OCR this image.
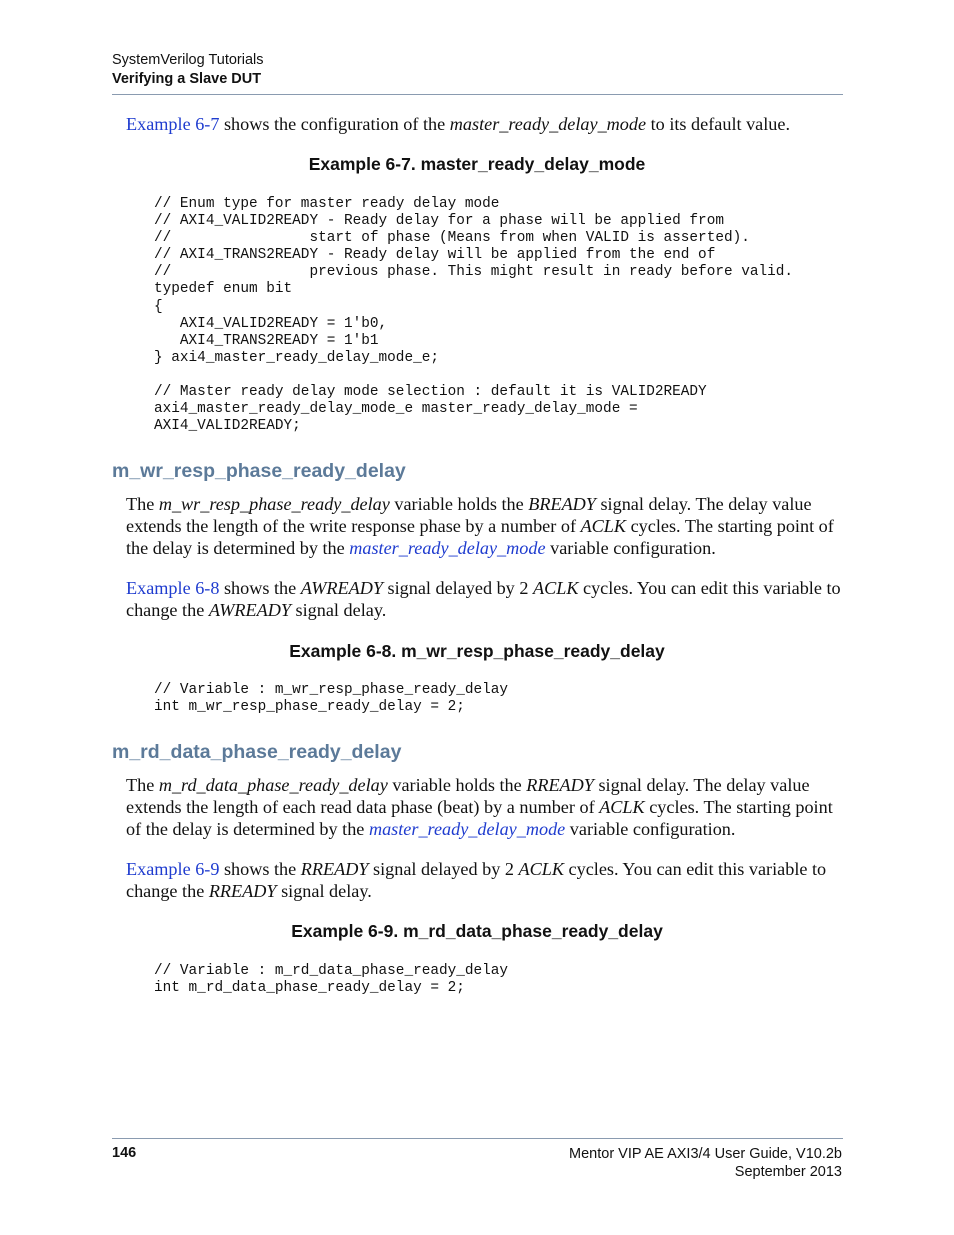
SystemVerilog Tutorials
Verifying a Slave DUT
Example 6-7 shows the configuration of the master_ready_delay_mode to its default value.
Example 6-7. master_ready_delay_mode
// Enum type for master ready delay mode
// AXI4_VALID2READY - Ready delay for a phase will be applied from
//                start of phase (Means from when VALID is asserted).
// AXI4_TRANS2READY - Ready delay will be applied from the end of
//                previous phase. This might result in ready before valid.
typedef enum bit
{
AXI4_VALID2READY = 1'b0,
AXI4_TRANS2READY = 1'b1
} axi4_master_ready_delay_mode_e;

// Master ready delay mode selection : default it is VALID2READY
axi4_master_ready_delay_mode_e master_ready_delay_mode =
AXI4_VALID2READY;
m_wr_resp_phase_ready_delay
The m_wr_resp_phase_ready_delay variable holds the BREADY signal delay. The delay value extends the length of the write response phase by a number of ACLK cycles. The starting point of the delay is determined by the master_ready_delay_mode variable configuration.
Example 6-8 shows the AWREADY signal delayed by 2 ACLK cycles. You can edit this variable to change the AWREADY signal delay.
Example 6-8. m_wr_resp_phase_ready_delay
// Variable : m_wr_resp_phase_ready_delay
int m_wr_resp_phase_ready_delay = 2;
m_rd_data_phase_ready_delay
The m_rd_data_phase_ready_delay variable holds the RREADY signal delay. The delay value extends the length of each read data phase (beat) by a number of ACLK cycles. The starting point of the delay is determined by the master_ready_delay_mode variable configuration.
Example 6-9 shows the RREADY signal delayed by 2 ACLK cycles. You can edit this variable to change the RREADY signal delay.
Example 6-9. m_rd_data_phase_ready_delay
// Variable : m_rd_data_phase_ready_delay
int m_rd_data_phase_ready_delay = 2;
146	Mentor VIP AE AXI3/4 User Guide, V10.2b
September 2013
